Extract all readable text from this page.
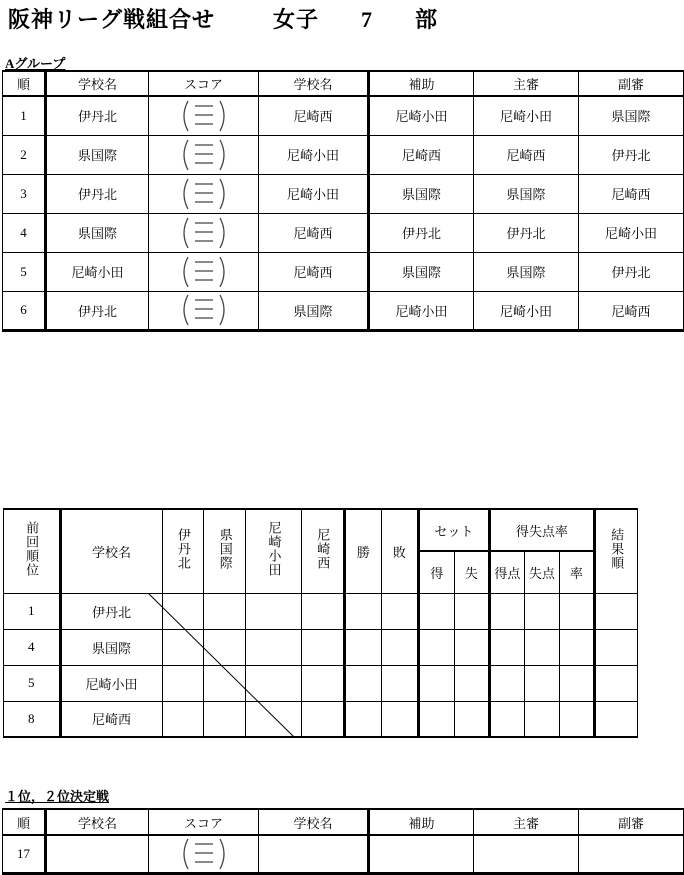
阪神リーグ戦組合せ	女子 7 部
Aグループ
順	学校名	スコア	学校名	補助	主審	副審
1	伊丹北		尼崎西	尼崎小田	尼崎小田	県国際
2	県国際		尼崎小田	尼崎西	尼崎西	伊丹北
3	伊丹北		尼崎小田	県国際	県国際	尼崎西
4	県国際		尼崎西	伊丹北	伊丹北	尼崎小田
5	尼崎小田		尼崎西	県国際	県国際	伊丹北
6	伊丹北		県国際	尼崎小田	尼崎小田	尼崎西
前回順位	学校名	伊丹北	県国際	尼崎小田	尼崎西	勝	敗	セット		得失点率			結果順
								得	失	得点	失点	率	
1	伊丹北												
4	県国際												
5	尼崎小田												
8	尼崎西												
１位，２位決定戦
順	学校名	スコア	学校名	補助	主審	副審
17		
